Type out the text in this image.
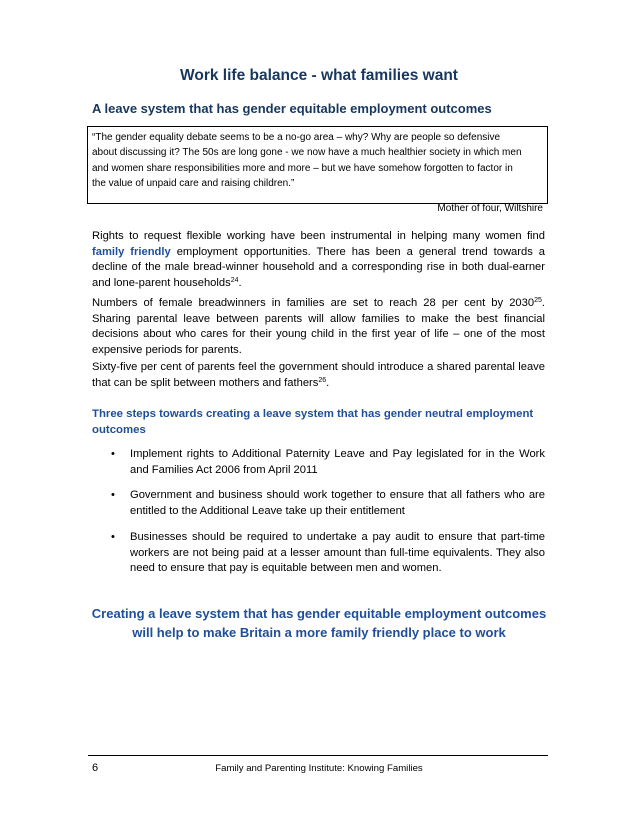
Work life balance - what families want
A leave system that has gender equitable employment outcomes

“The gender equality debate seems to be a no-go area – why? Why are people so defensive
about discussing it? The 50s are long gone - we now have a much healthier society in which men
and women share responsibilities more and more – but we have somehow forgotten to factor in
the value of unpaid care and raising children.”

Mother of four, Wiltshire

Rights to request flexible working have been instrumental in helping many women find family friendly employment opportunities. There has been a general trend towards a decline of the male bread-winner household and a corresponding rise in both dual-earner and lone-parent households$^{24}$.

Numbers of female breadwinners in families are set to reach 28 per cent by 2030$^{25}$. Sharing parental leave between parents will allow families to make the best financial decisions about who cares for their young child in the first year of life – one of the most expensive periods for parents.

Sixty-five per cent of parents feel the government should introduce a shared parental leave that can be split between mothers and fathers$^{26}$.

Three steps towards creating a leave system that has gender neutral employment outcomes
• Implement rights to Additional Paternity Leave and Pay legislated for in the Work and Families Act 2006 from April 2011
• Government and business should work together to ensure that all fathers who are entitled to the Additional Leave take up their entitlement
• Businesses should be required to undertake a pay audit to ensure that part-time workers are not being paid at a lesser amount than full-time equivalents. They also need to ensure that pay is equitable between men and women.
Creating a leave system that has gender equitable employment outcomes
will help to make Britain a more family friendly place to work
6	Family and Parenting Institute: Knowing Families
